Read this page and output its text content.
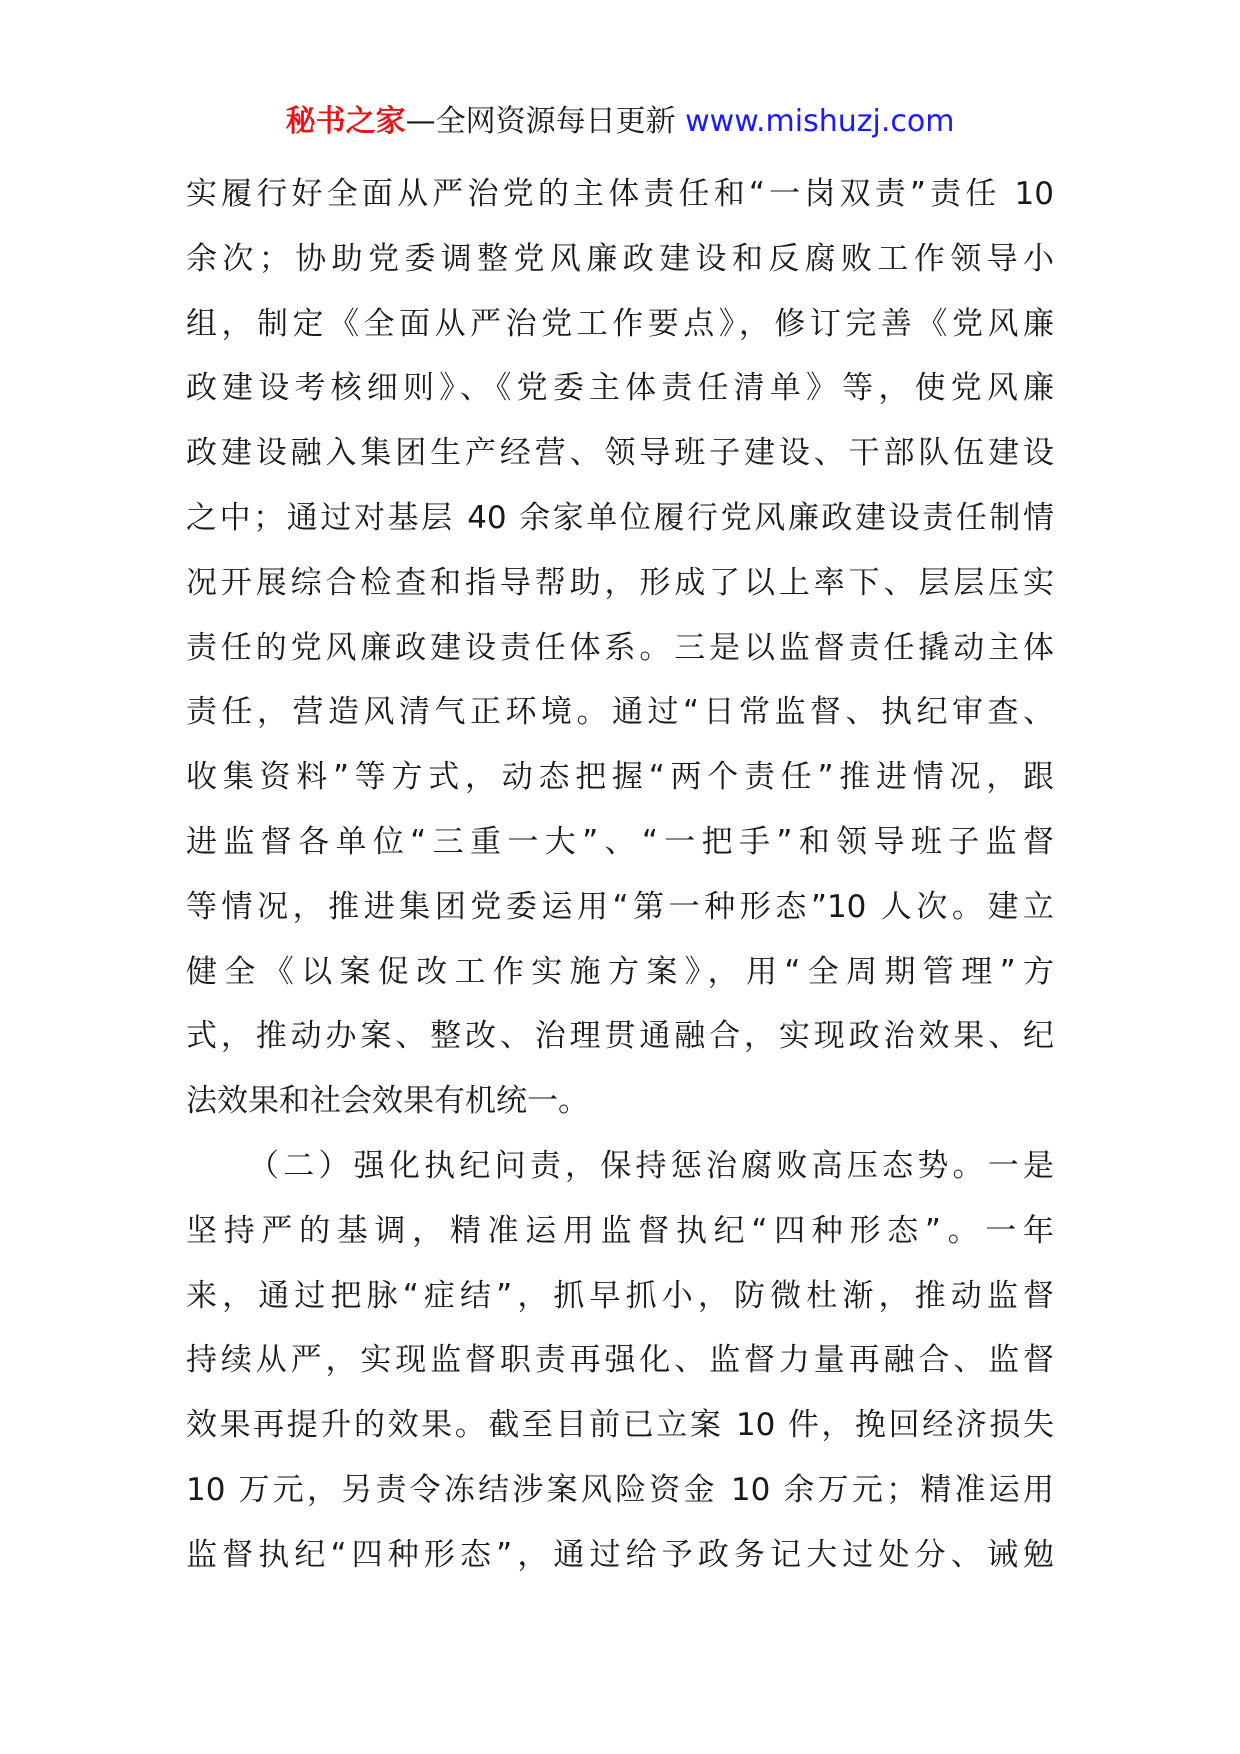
秘书之家—全网资源每日更新 www.mishuzj.com
实履行好全面从严治党的主体责任和“一岗双责”责任 10
余次；协助党委调整党风廉政建设和反腐败工作领导小
组，制定《全面从严治党工作要点》，修订完善《党风廉
政建设考核细则》、《党委主体责任清单》等，使党风廉
政建设融入集团生产经营、领导班子建设、干部队伍建设
之中；通过对基层 40 余家单位履行党风廉政建设责任制情
况开展综合检查和指导帮助，形成了以上率下、层层压实
责任的党风廉政建设责任体系。三是以监督责任撬动主体
责任，营造风清气正环境。通过“日常监督、执纪审查、
收集资料”等方式，动态把握“两个责任”推进情况，跟
进监督各单位“三重一大”、“一把手”和领导班子监督
等情况，推进集团党委运用“第一种形态”10 人次。建立
健全《以案促改工作实施方案》，用“全周期管理”方
式，推动办案、整改、治理贯通融合，实现政治效果、纪
法效果和社会效果有机统一。
（二）强化执纪问责，保持惩治腐败高压态势。一是
坚持严的基调，精准运用监督执纪“四种形态”。一年
来，通过把脉“症结”，抓早抓小，防微杜渐，推动监督
持续从严，实现监督职责再强化、监督力量再融合、监督
效果再提升的效果。截至目前已立案 10 件，挽回经济损失
10 万元，另责令冻结涉案风险资金 10 余万元；精准运用
监督执纪“四种形态”，通过给予政务记大过处分、诫勉
